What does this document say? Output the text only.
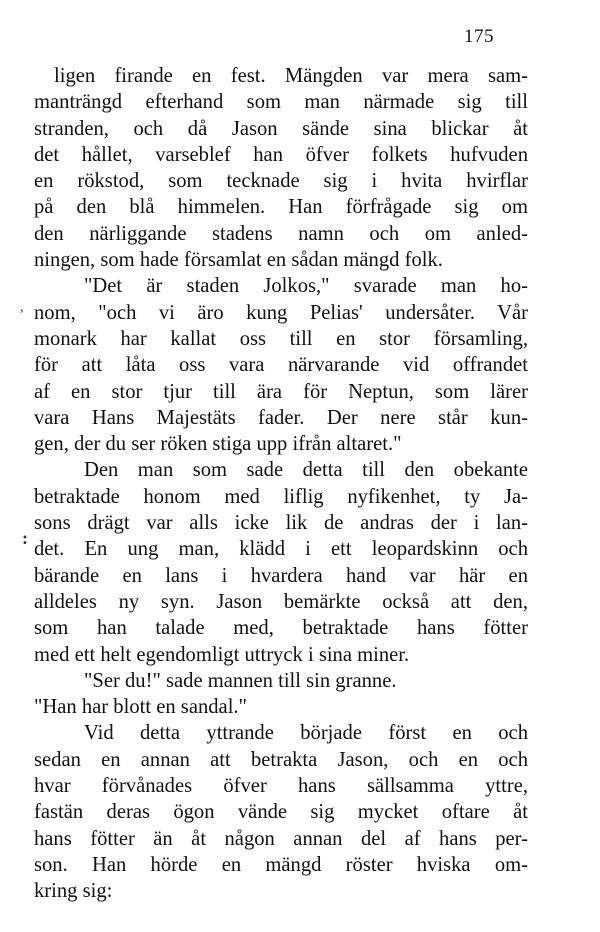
175
,
:
ligen firande en fest. Mängden var mera sam-
manträngd efterhand som man närmade sig till
stranden, och då Jason sände sina blickar åt
det hållet, varseblef han öfver folkets hufvuden
en rökstod, som tecknade sig i hvita hvirflar
på den blå himmelen. Han förfrågade sig om
den närliggande stadens namn och om anled-
ningen, som hade församlat en sådan mängd folk.
"Det är staden Jolkos," svarade man ho-
nom, "och vi äro kung Pelias' undersåter. Vår
monark har kallat oss till en stor församling,
för att låta oss vara närvarande vid offrandet
af en stor tjur till ära för Neptun, som lärer
vara Hans Majestäts fader. Der nere står kun-
gen, der du ser röken stiga upp ifrån altaret."
Den man som sade detta till den obekante
betraktade honom med liflig nyfikenhet, ty Ja-
sons drägt var alls icke lik de andras der i lan-
det. En ung man, klädd i ett leopardskinn och
bärande en lans i hvardera hand var här en
alldeles ny syn. Jason bemärkte också att den,
som han talade med, betraktade hans fötter
med ett helt egendomligt uttryck i sina miner.
"Ser du!" sade mannen till sin granne.
"Han har blott en sandal."
Vid detta yttrande började först en och
sedan en annan att betrakta Jason, och en och
hvar förvånades öfver hans sällsamma yttre,
fastän deras ögon vände sig mycket oftare åt
hans fötter än åt någon annan del af hans per-
son. Han hörde en mängd röster hviska om-
kring sig:
